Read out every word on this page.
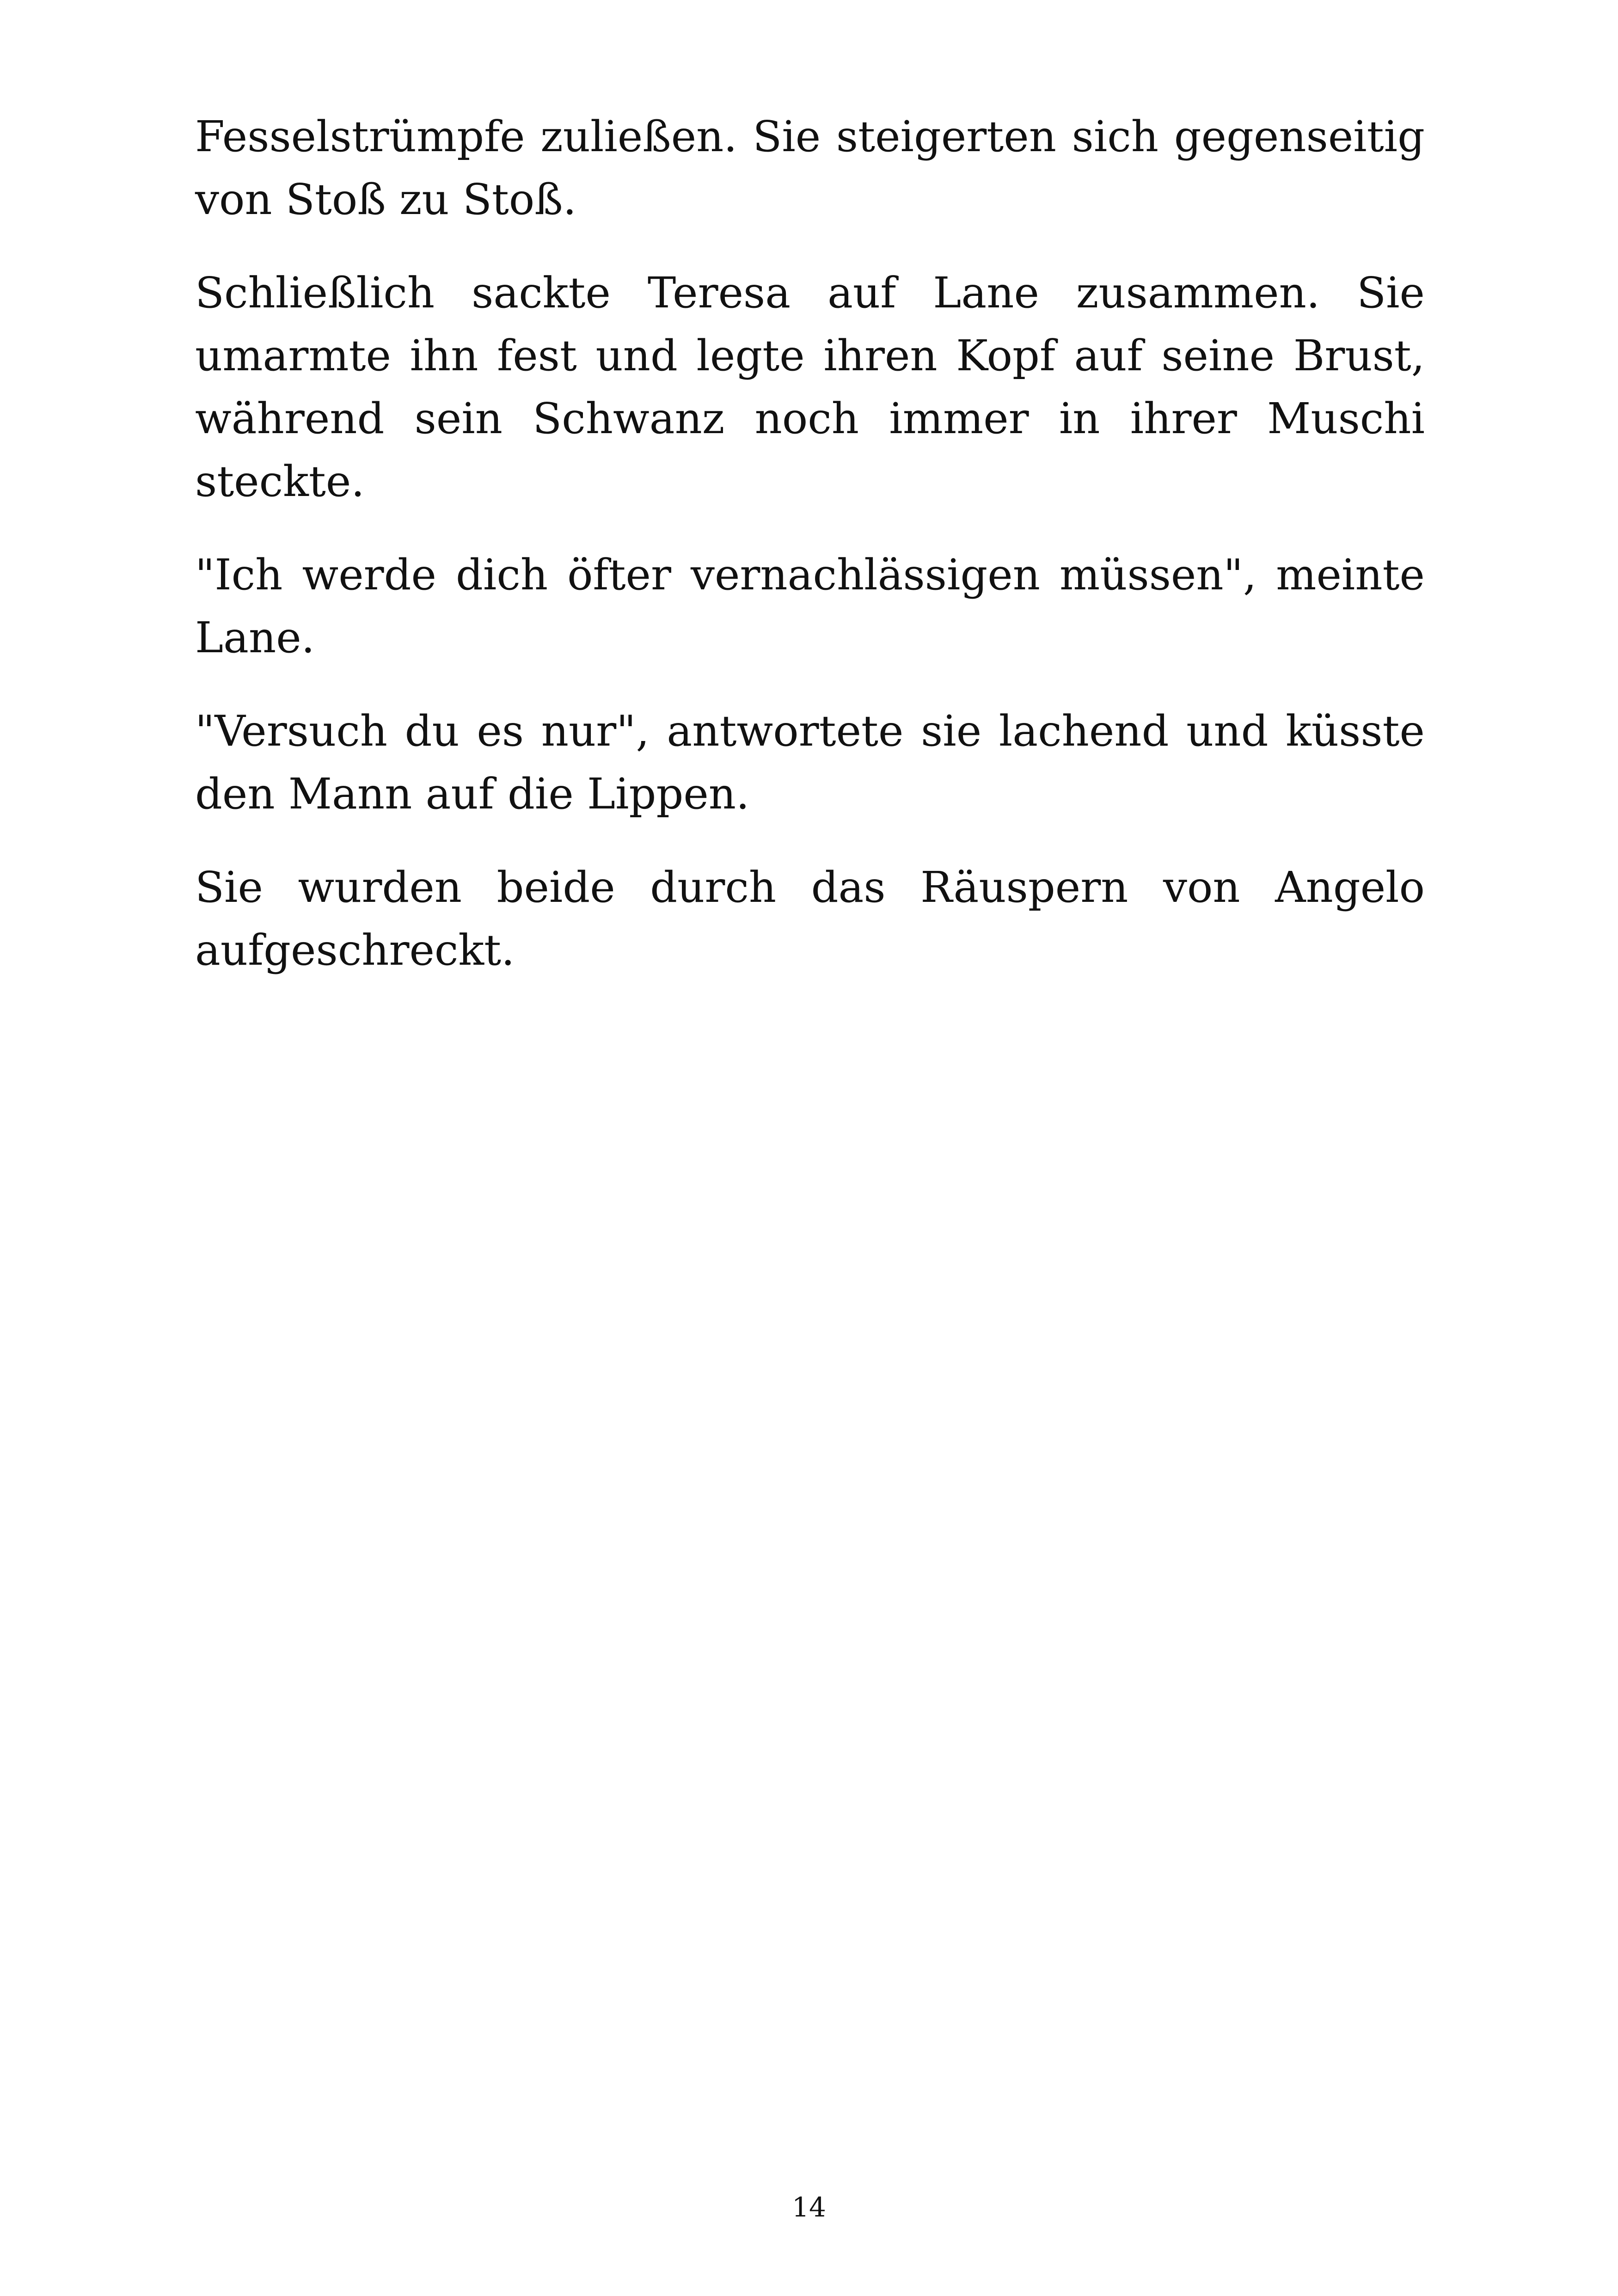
Fesselstrümpfe zuließen. Sie steigerten sich gegenseitig von Stoß zu Stoß.

Schließlich sackte Teresa auf Lane zusammen. Sie umarmte ihn fest und legte ihren Kopf auf seine Brust, während sein Schwanz noch immer in ihrer Muschi steckte.

"Ich werde dich öfter vernachlässigen müssen", meinte Lane.

"Versuch du es nur", antwortete sie lachend und küsste den Mann auf die Lippen.

Sie wurden beide durch das Räuspern von Angelo aufgeschreckt.

14
